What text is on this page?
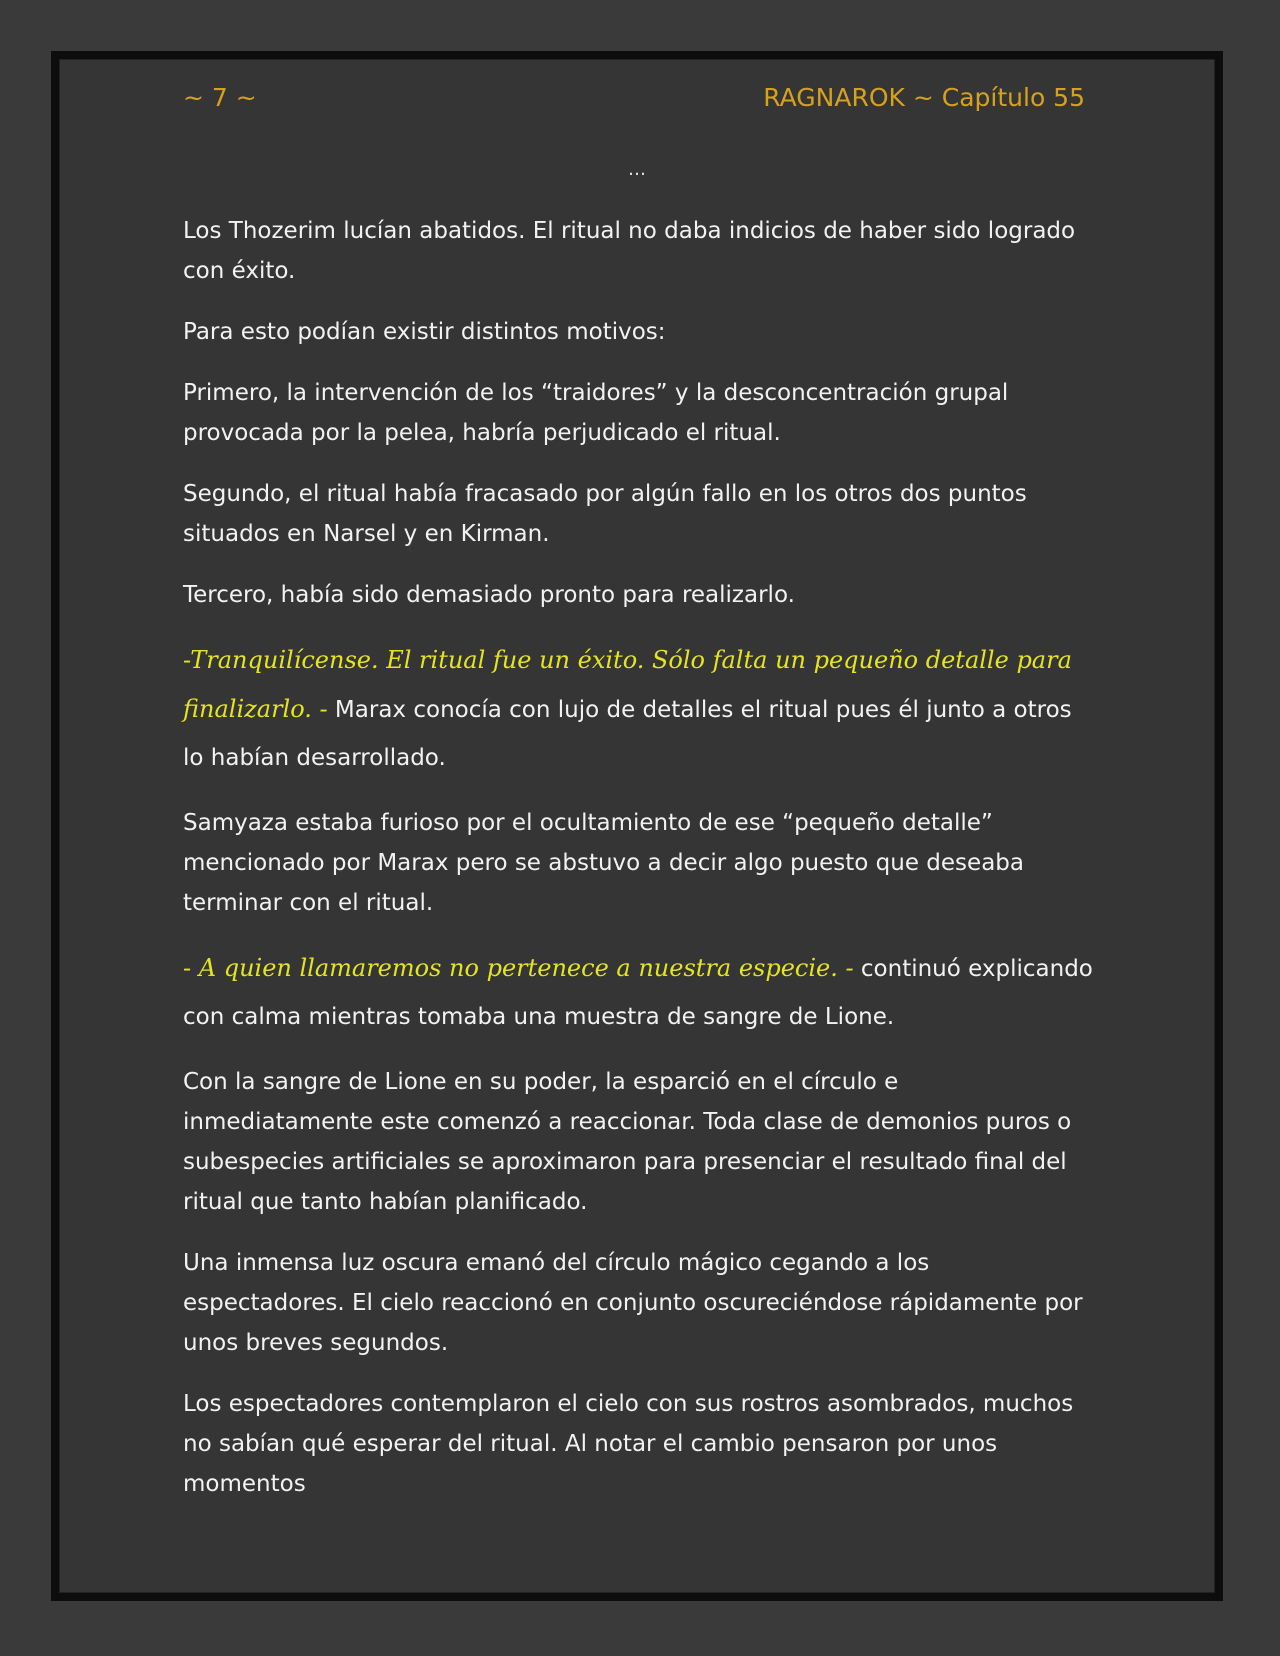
~ 7 ~	RAGNAROK ~ Capítulo 55
…

Los Thozerim lucían abatidos. El ritual no daba indicios de haber sido logrado con éxito.

Para esto podían existir distintos motivos:

Primero, la intervención de los “traidores” y la desconcentración grupal provocada por la pelea, habría perjudicado el ritual.

Segundo, el ritual había fracasado por algún fallo en los otros dos puntos situados en Narsel y en Kirman.

Tercero, había sido demasiado pronto para realizarlo.

-Tranquilícense. El ritual fue un éxito. Sólo falta un pequeño detalle para finalizarlo. - Marax conocía con lujo de detalles el ritual pues él junto a otros lo habían desarrollado.

Samyaza estaba furioso por el ocultamiento de ese “pequeño detalle” mencionado por Marax pero se abstuvo a decir algo puesto que deseaba terminar con el ritual.

- A quien llamaremos no pertenece a nuestra especie. - continuó explicando con calma mientras tomaba una muestra de sangre de Lione.

Con la sangre de Lione en su poder, la esparció en el círculo e inmediatamente este comenzó a reaccionar. Toda clase de demonios puros o subespecies artificiales se aproximaron para presenciar el resultado final del ritual que tanto habían planificado.

Una inmensa luz oscura emanó del círculo mágico cegando a los espectadores. El cielo reaccionó en conjunto oscureciéndose rápidamente por unos breves segundos.

Los espectadores contemplaron el cielo con sus rostros asombrados, muchos no sabían qué esperar del ritual. Al notar el cambio pensaron por unos momentos
